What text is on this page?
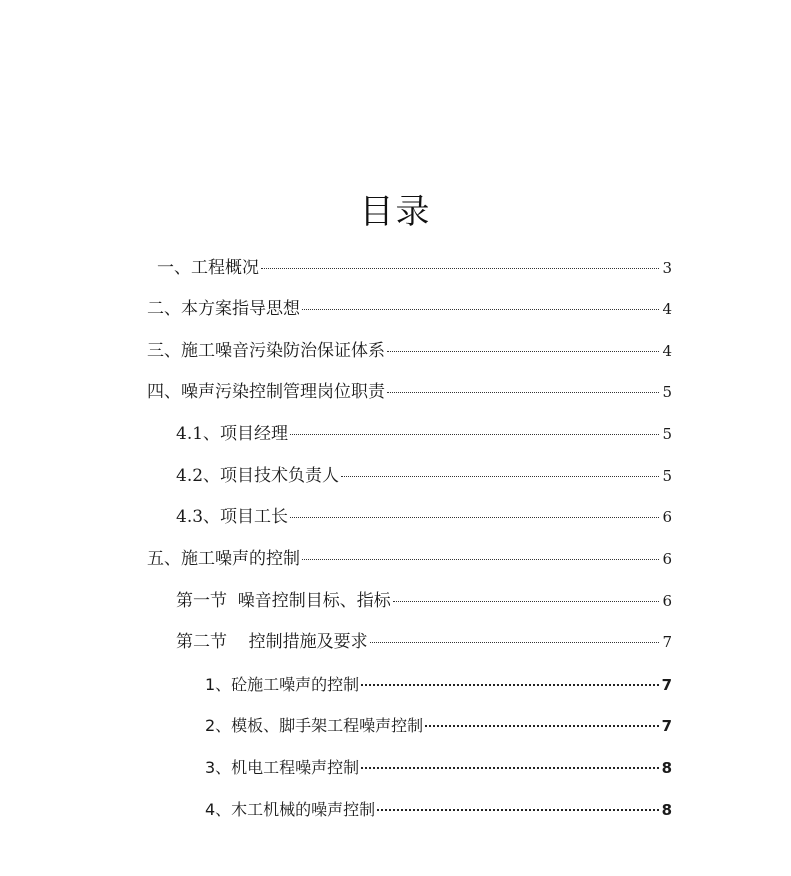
目录
一、工程概况	3
二、本方案指导思想	4
三、施工噪音污染防治保证体系	4
四、噪声污染控制管理岗位职责	5
4.1、项目经理	5
4.2、项目技术负责人	5
4.3、项目工长	6
五、施工噪声的控制	6
第一节  噪音控制目标、指标	6
第二节    控制措施及要求	7
1、砼施工噪声的控制	7
2、模板、脚手架工程噪声控制	7
3、机电工程噪声控制	8
4、木工机械的噪声控制	8
